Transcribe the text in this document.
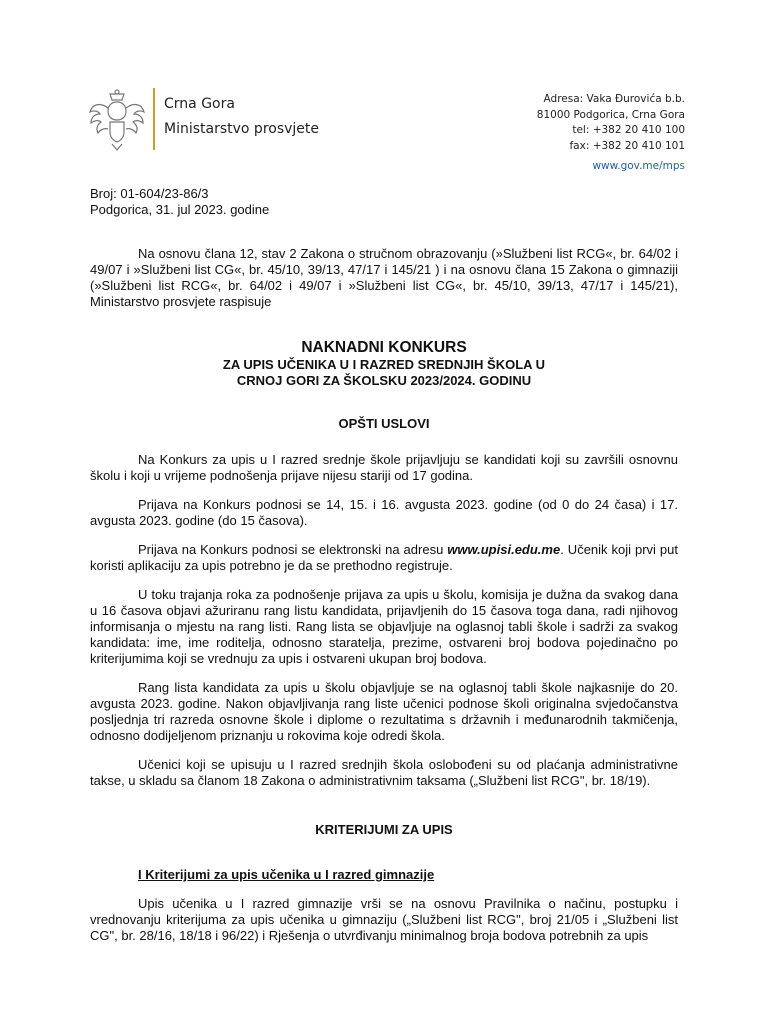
Crna Gora
Ministarstvo prosvjete
Adresa: Vaka Đurovića b.b.
81000 Podgorica, Crna Gora
tel: +382 20 410 100
fax: +382 20 410 101
www.gov.me/mps
Broj: 01-604/23-86/3
Podgorica, 31. jul 2023. godine

Na osnovu člana 12, stav 2 Zakona o stručnom obrazovanju (»Službeni list RCG«, br. 64/02 i 49/07 i »Službeni list CG«, br. 45/10, 39/13, 47/17 i 145/21 ) i na osnovu člana 15 Zakona o gimnaziji (»Službeni list RCG«, br. 64/02 i 49/07 i »Službeni list CG«, br. 45/10, 39/13, 47/17 i 145/21), Ministarstvo prosvjete raspisuje

NAKNADNI KONKURS
ZA UPIS UČENIKA U I RAZRED SREDNJIH ŠKOLA U
CRNOJ GORI ZA ŠKOLSKU 2023/2024. GODINU
OPŠTI USLOVI

Na Konkurs za upis u I razred srednje škole prijavljuju se kandidati koji su završili osnovnu školu i koji u vrijeme podnošenja prijave nijesu stariji od 17 godina.

Prijava na Konkurs podnosi se 14, 15. i 16. avgusta 2023. godine (od 0 do 24 časa) i 17. avgusta 2023. godine (do 15 časova).

Prijava na Konkurs podnosi se elektronski na adresu www.upisi.edu.me. Učenik koji prvi put koristi aplikaciju za upis potrebno je da se prethodno registruje.

U toku trajanja roka za podnošenje prijava za upis u školu, komisija je dužna da svakog dana u 16 časova objavi ažuriranu rang listu kandidata, prijavljenih do 15 časova toga dana, radi njihovog informisanja o mjestu na rang listi. Rang lista se objavljuje na oglasnoj tabli škole i sadrži za svakog kandidata: ime, ime roditelja, odnosno staratelja, prezime, ostvareni broj bodova pojedinačno po kriterijumima koji se vrednuju za upis i ostvareni ukupan broj bodova.

Rang lista kandidata za upis u školu objavljuje se na oglasnoj tabli škole najkasnije do 20. avgusta 2023. godine. Nakon objavljivanja rang liste učenici podnose školi originalna svjedočanstva posljednja tri razreda osnovne škole i diplome o rezultatima s državnih i međunarodnih takmičenja, odnosno dodijeljenom priznanju u rokovima koje odredi škola.

Učenici koji se upisuju u I razred srednjih škola oslobođeni su od plaćanja administrativne takse, u skladu sa članom 18 Zakona o administrativnim taksama („Službeni list RCG", br. 18/19).

KRITERIJUMI ZA UPIS
I Kriterijumi za upis učenika u I razred gimnazije

Upis učenika u I razred gimnazije vrši se na osnovu Pravilnika o načinu, postupku i vrednovanju kriterijuma za upis učenika u gimnaziju („Službeni list RCG", broj 21/05 i „Službeni list CG", br. 28/16, 18/18 i 96/22) i Rješenja o utvrđivanju minimalnog broja bodova potrebnih za upis
